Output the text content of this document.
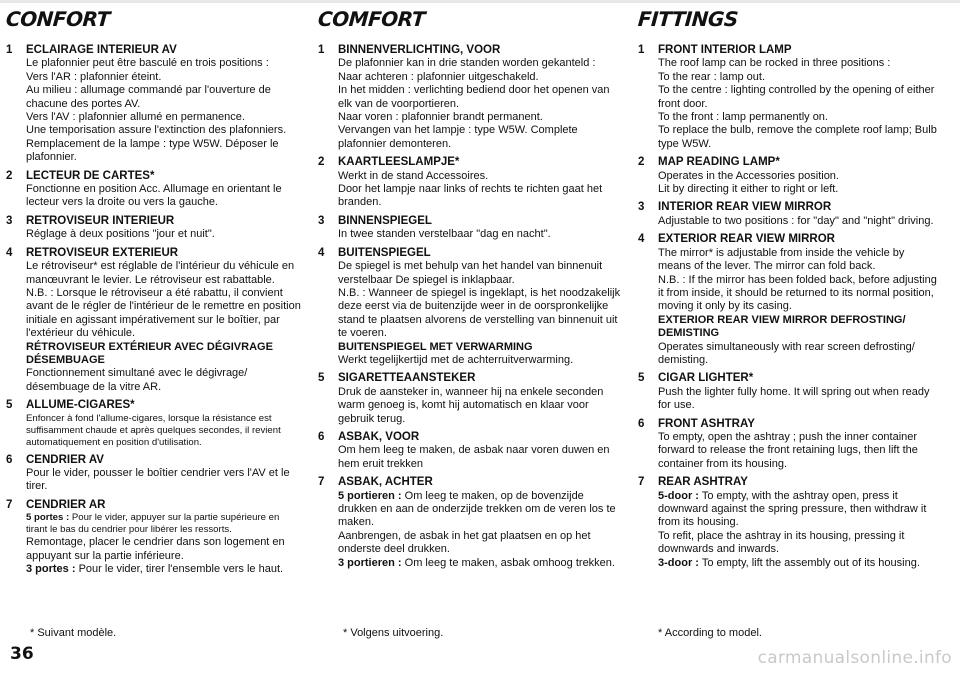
CONFORT
1 ECLAIRAGE INTERIEUR AV
Le plafonnier peut être basculé en trois positions :
Vers l'AR : plafonnier éteint.
Au milieu : allumage commandé par l'ouverture de chacune des portes AV.
Vers l'AV : plafonnier allumé en permanence.
Une temporisation assure l'extinction des plafonniers.
Remplacement de la lampe : type W5W. Déposer le plafonnier.
2 LECTEUR DE CARTES*
Fonctionne en position Acc. Allumage en orientant le lecteur vers la droite ou vers la gauche.
3 RETROVISEUR INTERIEUR
Réglage à deux positions "jour et nuit".
4 RETROVISEUR EXTERIEUR
Le rétroviseur* est réglable de l'intérieur du véhicule en manœuvrant le levier. Le rétroviseur est rabattable.
N.B. : Lorsque le rétroviseur a été rabattu, il convient avant de le régler de l'intérieur de le remettre en position initiale en agissant impérativement sur le boîtier, par l'extérieur du véhicule.
RÉTROVISEUR EXTÉRIEUR AVEC DÉGIVRAGE DÉSEMBUAGE
Fonctionnement simultané avec le dégivrage/ désembuage de la vitre AR.
5 ALLUME-CIGARES*
Enfoncer à fond l'allume-cigares, lorsque la résistance est suffisamment chaude et après quelques secondes, il revient automatiquement en position d'utilisation.
6 CENDRIER AV
Pour le vider, pousser le boîtier cendrier vers l'AV et le tirer.
7 CENDRIER AR
5 portes : Pour le vider, appuyer sur la partie supérieure en tirant le bas du cendrier pour libérer les ressorts.
Remontage, placer le cendrier dans son logement en appuyant sur la partie inférieure.
3 portes : Pour le vider, tirer l'ensemble vers le haut.
COMFORT
1 BINNENVERLICHTING, VOOR
De plafonnier kan in drie standen worden gekanteld :
Naar achteren : plafonnier uitgeschakeld.
In het midden : verlichting bediend door het openen van elk van de voorportieren.
Naar voren : plafonnier brandt permanent.
Vervangen van het lampje : type W5W. Complete plafonnier demonteren.
2 KAARTLEESLAMPJE*
Werkt in de stand Accessoires.
Door het lampje naar links of rechts te richten gaat het branden.
3 BINNENSPIEGEL
In twee standen verstelbaar "dag en nacht".
4 BUITENSPIEGEL
De spiegel is met behulp van het handel van binnenuit verstelbaar De spiegel is inklapbaar.
N.B. : Wanneer de spiegel is ingeklapt, is het noodzakelijk deze eerst via de buitenzijde weer in de oorspronkelijke stand te plaatsen alvorens de verstelling van binnenuit uit te voeren.
BUITENSPIEGEL MET VERWARMING
Werkt tegelijkertijd met de achterruitverwarming.
5 SIGARETTEAANSTEKER
Druk de aansteker in, wanneer hij na enkele seconden warm genoeg is, komt hij automatisch en klaar voor gebruik terug.
6 ASBAK, VOOR
Om hem leeg te maken, de asbak naar voren duwen en hem eruit trekken
7 ASBAK, ACHTER
5 portieren : Om leeg te maken, op de bovenzijde drukken en aan de onderzijde trekken om de veren los te maken.
Aanbrengen, de asbak in het gat plaatsen en op het onderste deel drukken.
3 portieren : Om leeg te maken, asbak omhoog trekken.
FITTINGS
1 FRONT INTERIOR LAMP
The roof lamp can be rocked in three positions :
To the rear : lamp out.
To the centre : lighting controlled by the opening of either front door.
To the front : lamp permanently on.
To replace the bulb, remove the complete roof lamp; Bulb type W5W.
2 MAP READING LAMP*
Operates in the Accessories position.
Lit by directing it either to right or left.
3 INTERIOR REAR VIEW MIRROR
Adjustable to two positions : for "day" and "night" driving.
4 EXTERIOR REAR VIEW MIRROR
The mirror* is adjustable from inside the vehicle by means of the lever. The mirror can fold back.
N.B. : If the mirror has been folded back, before adjusting it from inside, it should be returned to its normal position, moving it only by its casing.
EXTERIOR REAR VIEW MIRROR DEFROSTING/ DEMISTING
Operates simultaneously with rear screen defrosting/ demisting.
5 CIGAR LIGHTER*
Push the lighter fully home. It will spring out when ready for use.
6 FRONT ASHTRAY
To empty, open the ashtray ; push the inner container forward to release the front retaining lugs, then lift the container from its housing.
7 REAR ASHTRAY
5-door : To empty, with the ashtray open, press it downward against the spring pressure, then withdraw it from its housing.
To refit, place the ashtray in its housing, pressing it downwards and inwards.
3-door : To empty, lift the assembly out of its housing.
* Suivant modèle.	* Volgens uitvoering.	* According to model.
36	carmanualsonline.info
